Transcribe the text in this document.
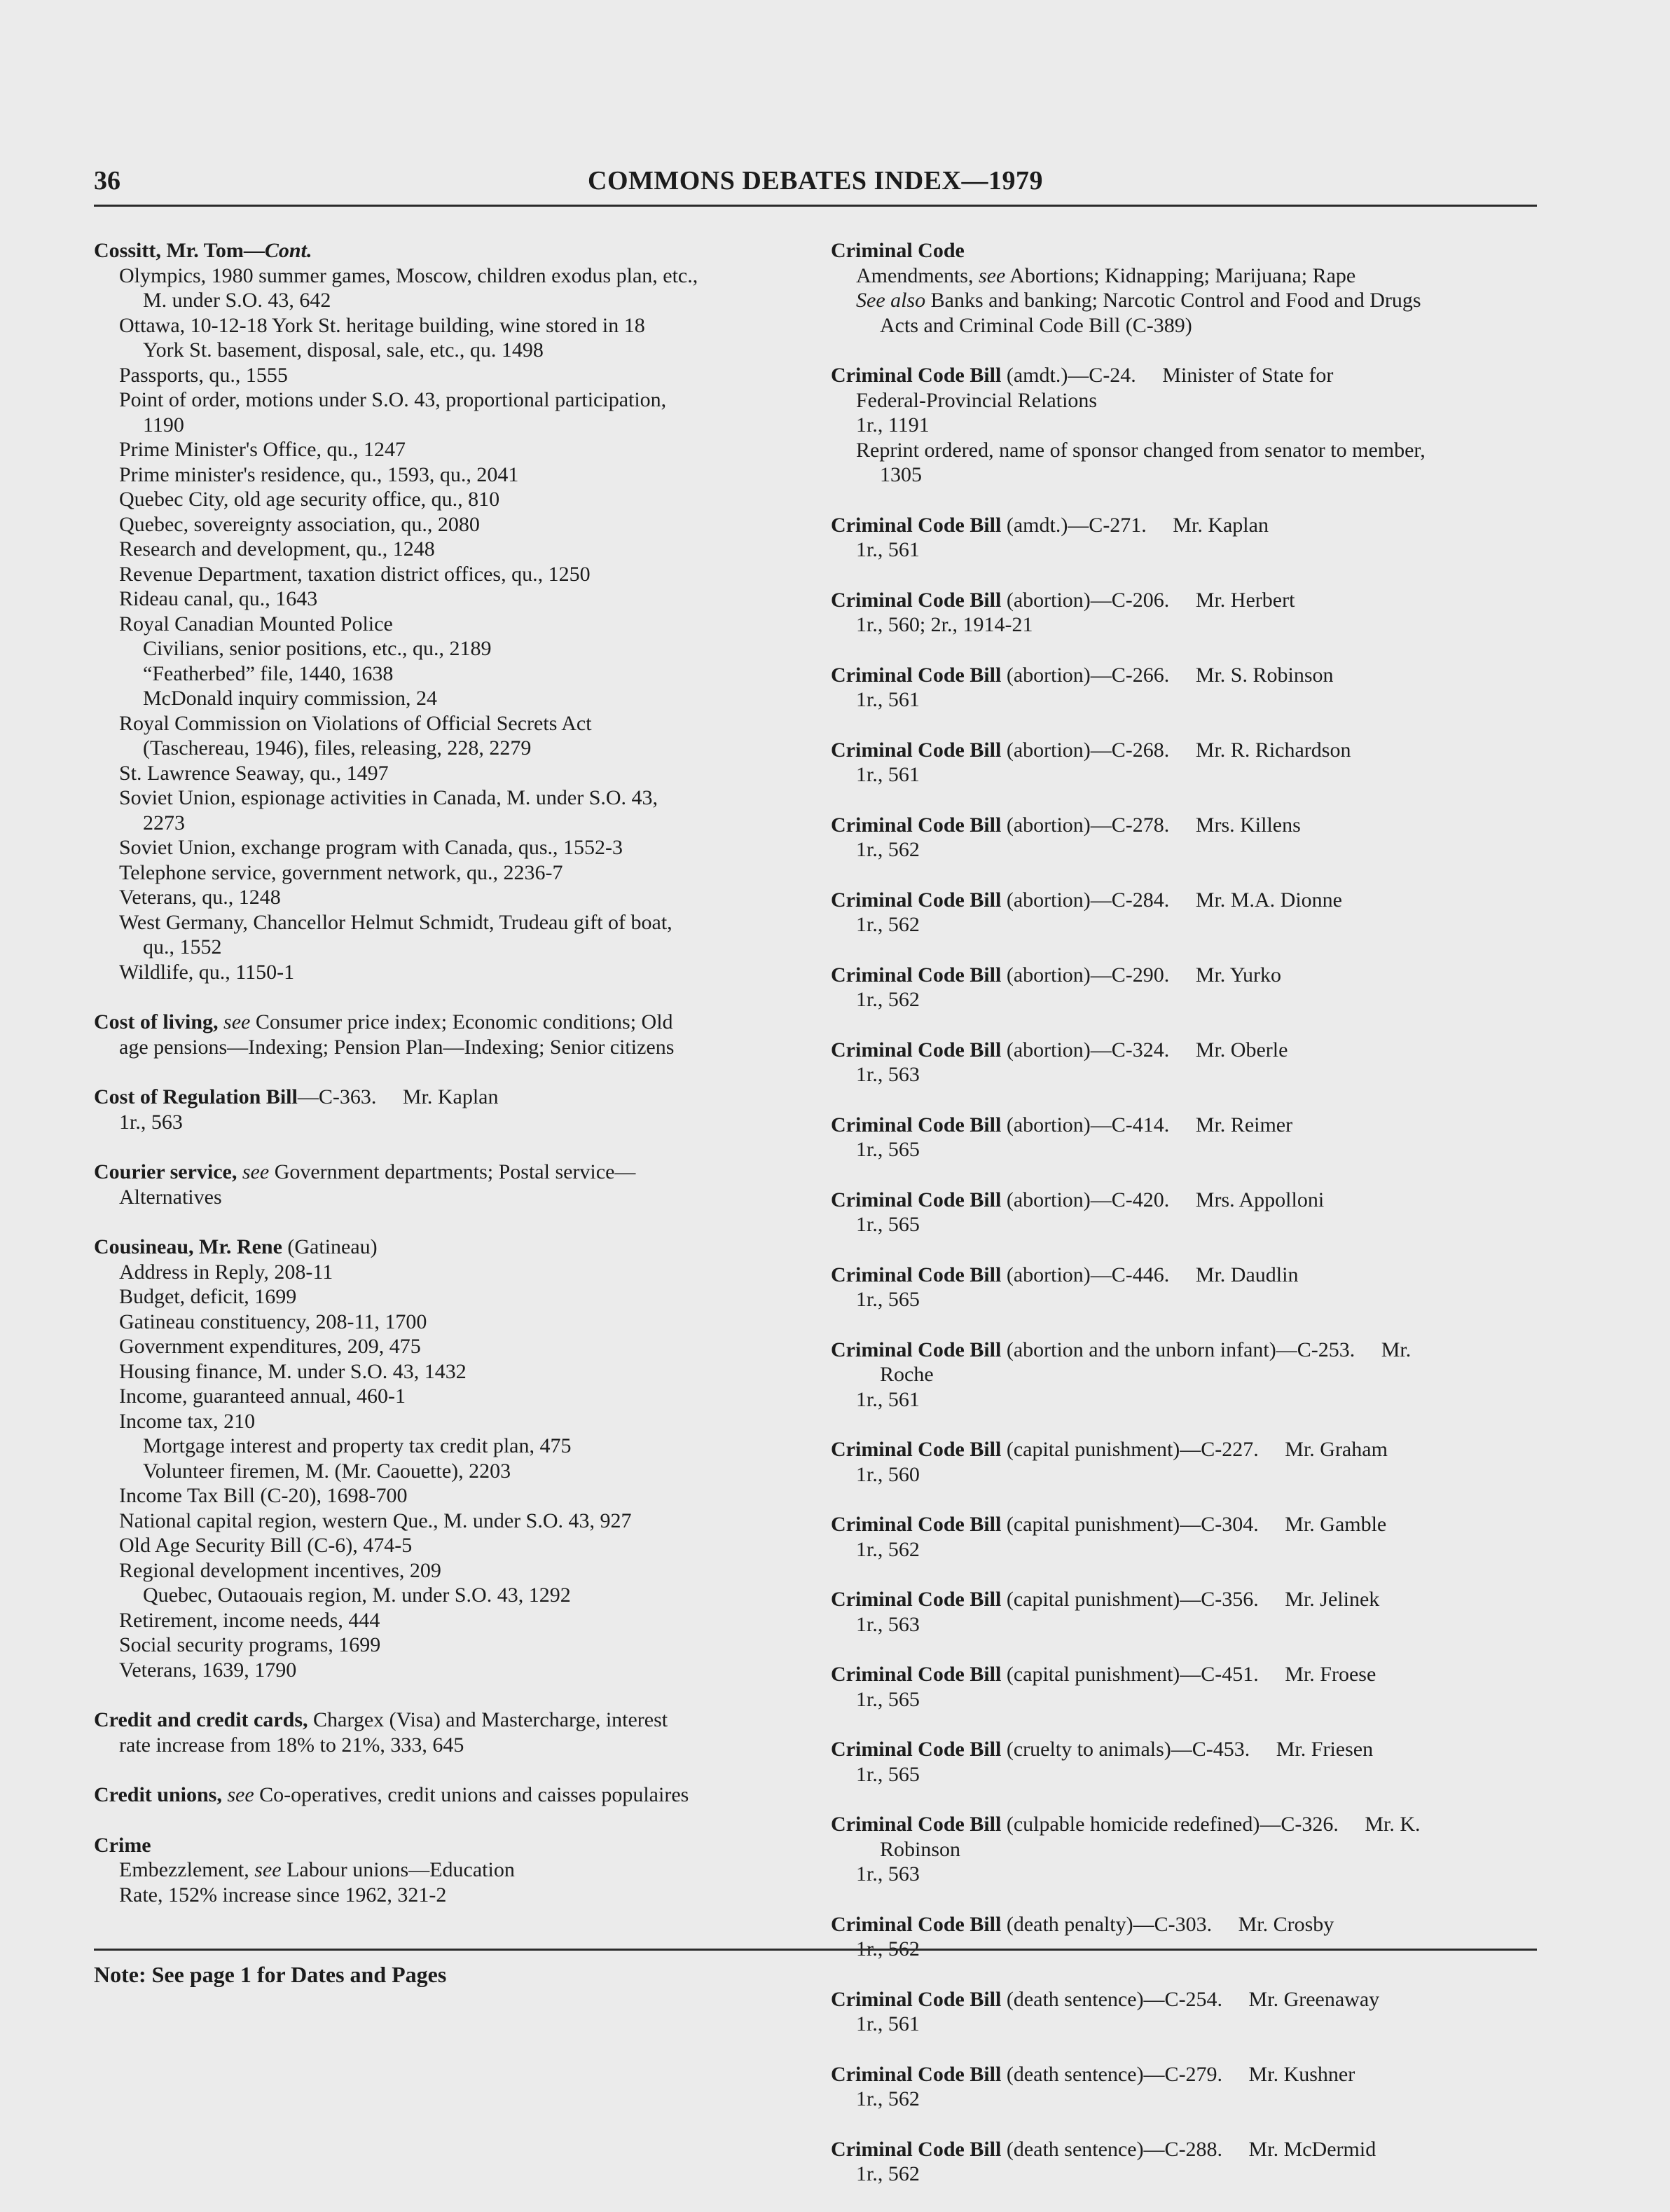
36	COMMONS DEBATES INDEX—1979
Cossitt, Mr. Tom—Cont.
Olympics, 1980 summer games, Moscow, children exodus plan, etc.,
M. under S.O. 43, 642
Ottawa, 10-12-18 York St. heritage building, wine stored in 18
York St. basement, disposal, sale, etc., qu. 1498
Passports, qu., 1555
Point of order, motions under S.O. 43, proportional participation,
1190
Prime Minister's Office, qu., 1247
Prime minister's residence, qu., 1593, qu., 2041
Quebec City, old age security office, qu., 810
Quebec, sovereignty association, qu., 2080
Research and development, qu., 1248
Revenue Department, taxation district offices, qu., 1250
Rideau canal, qu., 1643
Royal Canadian Mounted Police
Civilians, senior positions, etc., qu., 2189
“Featherbed” file, 1440, 1638
McDonald inquiry commission, 24
Royal Commission on Violations of Official Secrets Act
(Taschereau, 1946), files, releasing, 228, 2279
St. Lawrence Seaway, qu., 1497
Soviet Union, espionage activities in Canada, M. under S.O. 43,
2273
Soviet Union, exchange program with Canada, qus., 1552-3
Telephone service, government network, qu., 2236-7
Veterans, qu., 1248
West Germany, Chancellor Helmut Schmidt, Trudeau gift of boat,
qu., 1552
Wildlife, qu., 1150-1
Cost of living, see Consumer price index; Economic conditions; Old
age pensions—Indexing; Pension Plan—Indexing; Senior citizens
Cost of Regulation Bill—C-363.  Mr. Kaplan
1r., 563
Courier service, see Government departments; Postal service—
Alternatives
Cousineau, Mr. Rene (Gatineau)
Address in Reply, 208-11
Budget, deficit, 1699
Gatineau constituency, 208-11, 1700
Government expenditures, 209, 475
Housing finance, M. under S.O. 43, 1432
Income, guaranteed annual, 460-1
Income tax, 210
Mortgage interest and property tax credit plan, 475
Volunteer firemen, M. (Mr. Caouette), 2203
Income Tax Bill (C-20), 1698-700
National capital region, western Que., M. under S.O. 43, 927
Old Age Security Bill (C-6), 474-5
Regional development incentives, 209
Quebec, Outaouais region, M. under S.O. 43, 1292
Retirement, income needs, 444
Social security programs, 1699
Veterans, 1639, 1790
Credit and credit cards, Chargex (Visa) and Mastercharge, interest
rate increase from 18% to 21%, 333, 645
Credit unions, see Co-operatives, credit unions and caisses populaires
Crime
Embezzlement, see Labour unions—Education
Rate, 152% increase since 1962, 321-2
Criminal Code
Amendments, see Abortions; Kidnapping; Marijuana; Rape
See also Banks and banking; Narcotic Control and Food and Drugs
Acts and Criminal Code Bill (C-389)
Criminal Code Bill (amdt.)—C-24.  Minister of State for
Federal-Provincial Relations
1r., 1191
Reprint ordered, name of sponsor changed from senator to member,
1305
Criminal Code Bill (amdt.)—C-271.  Mr. Kaplan
1r., 561
Criminal Code Bill (abortion)—C-206.  Mr. Herbert
1r., 560; 2r., 1914-21
Criminal Code Bill (abortion)—C-266.  Mr. S. Robinson
1r., 561
Criminal Code Bill (abortion)—C-268.  Mr. R. Richardson
1r., 561
Criminal Code Bill (abortion)—C-278.  Mrs. Killens
1r., 562
Criminal Code Bill (abortion)—C-284.  Mr. M.A. Dionne
1r., 562
Criminal Code Bill (abortion)—C-290.  Mr. Yurko
1r., 562
Criminal Code Bill (abortion)—C-324.  Mr. Oberle
1r., 563
Criminal Code Bill (abortion)—C-414.  Mr. Reimer
1r., 565
Criminal Code Bill (abortion)—C-420.  Mrs. Appolloni
1r., 565
Criminal Code Bill (abortion)—C-446.  Mr. Daudlin
1r., 565
Criminal Code Bill (abortion and the unborn infant)—C-253.  Mr.
Roche
1r., 561
Criminal Code Bill (capital punishment)—C-227.  Mr. Graham
1r., 560
Criminal Code Bill (capital punishment)—C-304.  Mr. Gamble
1r., 562
Criminal Code Bill (capital punishment)—C-356.  Mr. Jelinek
1r., 563
Criminal Code Bill (capital punishment)—C-451.  Mr. Froese
1r., 565
Criminal Code Bill (cruelty to animals)—C-453.  Mr. Friesen
1r., 565
Criminal Code Bill (culpable homicide redefined)—C-326.  Mr. K.
Robinson
1r., 563
Criminal Code Bill (death penalty)—C-303.  Mr. Crosby
1r., 562
Criminal Code Bill (death sentence)—C-254.  Mr. Greenaway
1r., 561
Criminal Code Bill (death sentence)—C-279.  Mr. Kushner
1r., 562
Criminal Code Bill (death sentence)—C-288.  Mr. McDermid
1r., 562
Note: See page 1 for Dates and Pages
